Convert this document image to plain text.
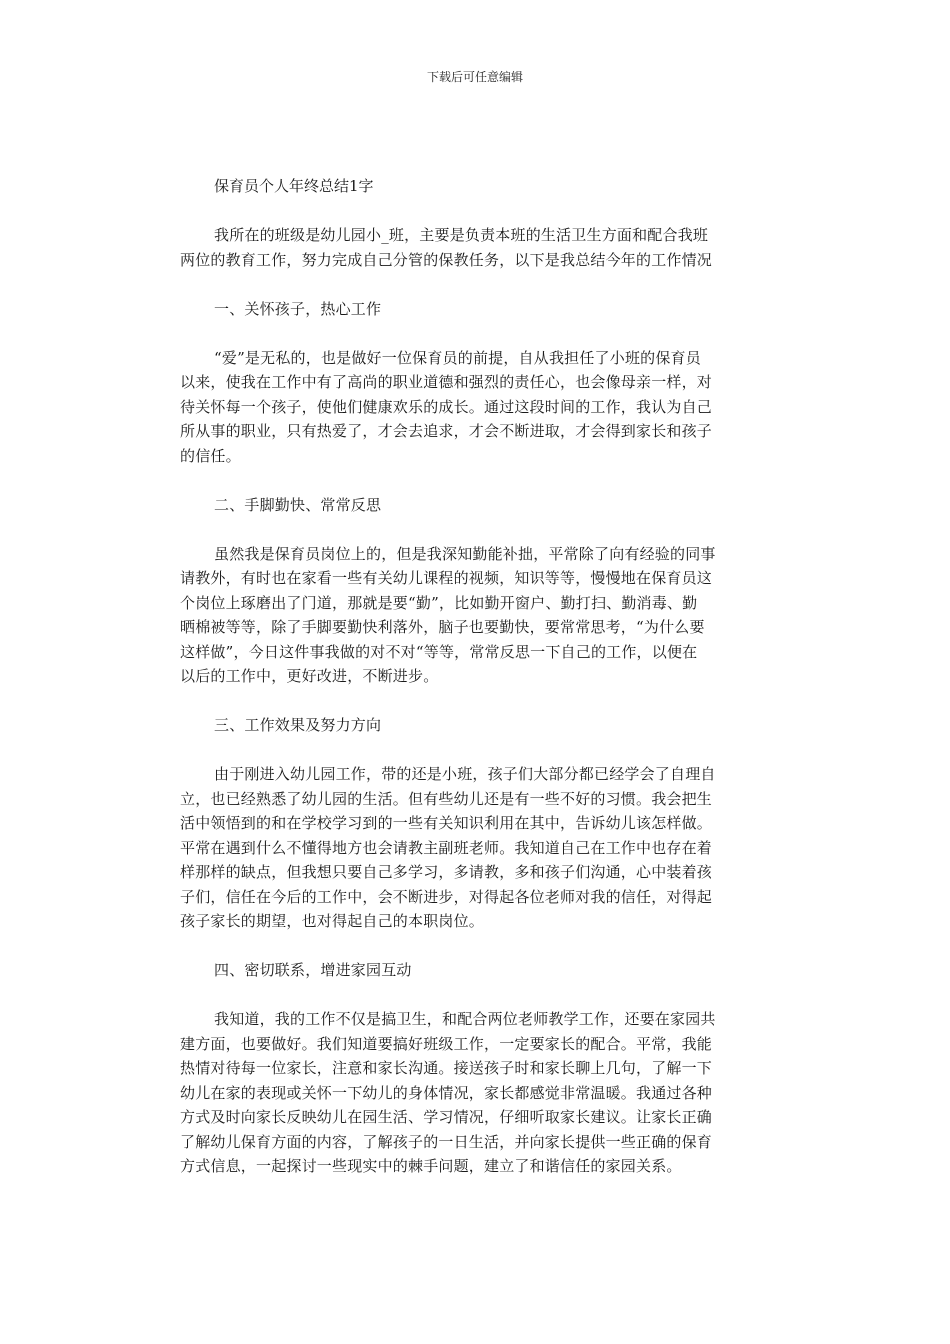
下载后可任意编辑
保育员个人年终总结1字
我所在的班级是幼儿园小_班，主要是负责本班的生活卫生方面和配合我班
两位的教育工作，努力完成自己分管的保教任务，以下是我总结今年的工作情况
一、关怀孩子，热心工作
“爱”是无私的，也是做好一位保育员的前提，自从我担任了小班的保育员
以来，使我在工作中有了高尚的职业道德和强烈的责任心，也会像母亲一样，对
待关怀每一个孩子，使他们健康欢乐的成长。通过这段时间的工作，我认为自己
所从事的职业，只有热爱了，才会去追求，才会不断进取，才会得到家长和孩子
的信任。
二、手脚勤快、常常反思
虽然我是保育员岗位上的，但是我深知勤能补拙，平常除了向有经验的同事
请教外，有时也在家看一些有关幼儿课程的视频，知识等等，慢慢地在保育员这
个岗位上琢磨出了门道，那就是要“勤”，比如勤开窗户、勤打扫、勤消毒、勤
晒棉被等等，除了手脚要勤快利落外，脑子也要勤快，要常常思考，“为什么要
这样做”，今日这件事我做的对不对“等等，常常反思一下自己的工作，以便在
以后的工作中，更好改进，不断进步。
三、工作效果及努力方向
由于刚进入幼儿园工作，带的还是小班，孩子们大部分都已经学会了自理自
立，也已经熟悉了幼儿园的生活。但有些幼儿还是有一些不好的习惯。我会把生
活中领悟到的和在学校学习到的一些有关知识利用在其中，告诉幼儿该怎样做。
平常在遇到什么不懂得地方也会请教主副班老师。我知道自己在工作中也存在着
样那样的缺点，但我想只要自己多学习，多请教，多和孩子们沟通，心中装着孩
子们，信任在今后的工作中，会不断进步，对得起各位老师对我的信任，对得起
孩子家长的期望，也对得起自己的本职岗位。
四、密切联系，增进家园互动
我知道，我的工作不仅是搞卫生，和配合两位老师教学工作，还要在家园共
建方面，也要做好。我们知道要搞好班级工作，一定要家长的配合。平常，我能
热情对待每一位家长，注意和家长沟通。接送孩子时和家长聊上几句，了解一下
幼儿在家的表现或关怀一下幼儿的身体情况，家长都感觉非常温暖。我通过各种
方式及时向家长反映幼儿在园生活、学习情况，仔细听取家长建议。让家长正确
了解幼儿保育方面的内容，了解孩子的一日生活，并向家长提供一些正确的保育
方式信息，一起探讨一些现实中的棘手问题，建立了和谐信任的家园关系。
